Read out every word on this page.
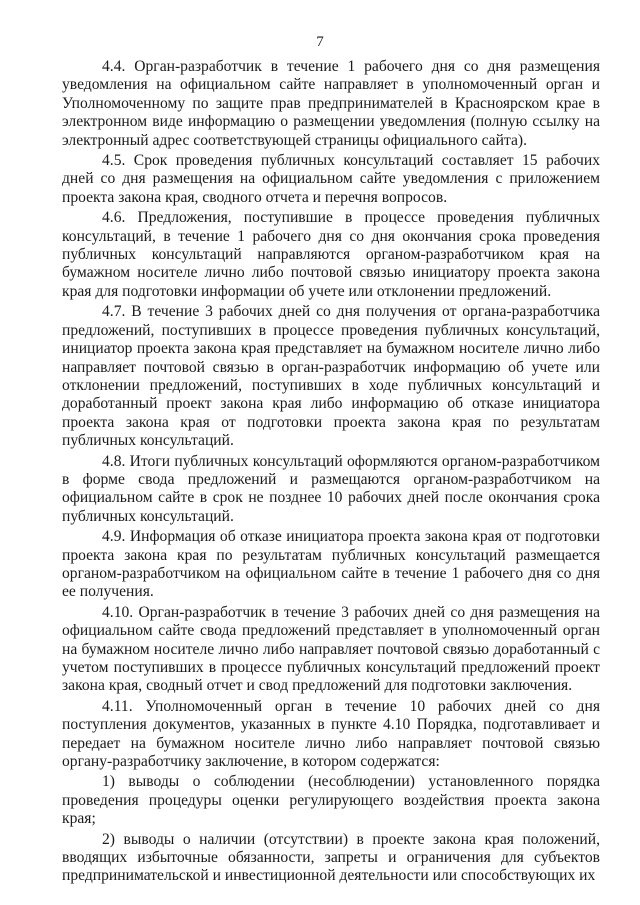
7

4.4. Орган-разработчик в течение 1 рабочего дня со дня размещения уведомления на официальном сайте направляет в уполномоченный орган и Уполномоченному по защите прав предпринимателей в Красноярском крае в электронном виде информацию о размещении уведомления (полную ссылку на электронный адрес соответствующей страницы официального сайта).

4.5. Срок проведения публичных консультаций составляет 15 рабочих дней со дня размещения на официальном сайте уведомления с приложением проекта закона края, сводного отчета и перечня вопросов.

4.6. Предложения, поступившие в процессе проведения публичных консультаций, в течение 1 рабочего дня со дня окончания срока проведения публичных консультаций направляются органом-разработчиком края на бумажном носителе лично либо почтовой связью инициатору проекта закона края для подготовки информации об учете или отклонении предложений.

4.7. В течение 3 рабочих дней со дня получения от органа-разработчика предложений, поступивших в процессе проведения публичных консультаций, инициатор проекта закона края представляет на бумажном носителе лично либо направляет почтовой связью в орган-разработчик информацию об учете или отклонении предложений, поступивших в ходе публичных консультаций и доработанный проект закона края либо информацию об отказе инициатора проекта закона края от подготовки проекта закона края по результатам публичных консультаций.

4.8. Итоги публичных консультаций оформляются органом-разработчиком в форме свода предложений и размещаются органом-разработчиком на официальном сайте в срок не позднее 10 рабочих дней после окончания срока публичных консультаций.

4.9. Информация об отказе инициатора проекта закона края от подготовки проекта закона края по результатам публичных консультаций размещается органом-разработчиком на официальном сайте в течение 1 рабочего дня со дня ее получения.

4.10. Орган-разработчик в течение 3 рабочих дней со дня размещения на официальном сайте свода предложений представляет в уполномоченный орган на бумажном носителе лично либо направляет почтовой связью доработанный с учетом поступивших в процессе публичных консультаций предложений проект закона края, сводный отчет и свод предложений для подготовки заключения.

4.11. Уполномоченный орган в течение 10 рабочих дней со дня поступления документов, указанных в пункте 4.10 Порядка, подготавливает и передает на бумажном носителе лично либо направляет почтовой связью органу-разработчику заключение, в котором содержатся:

1) выводы о соблюдении (несоблюдении) установленного порядка проведения процедуры оценки регулирующего воздействия проекта закона края;

2) выводы о наличии (отсутствии) в проекте закона края положений, вводящих избыточные обязанности, запреты и ограничения для субъектов предпринимательской и инвестиционной деятельности или способствующих их
